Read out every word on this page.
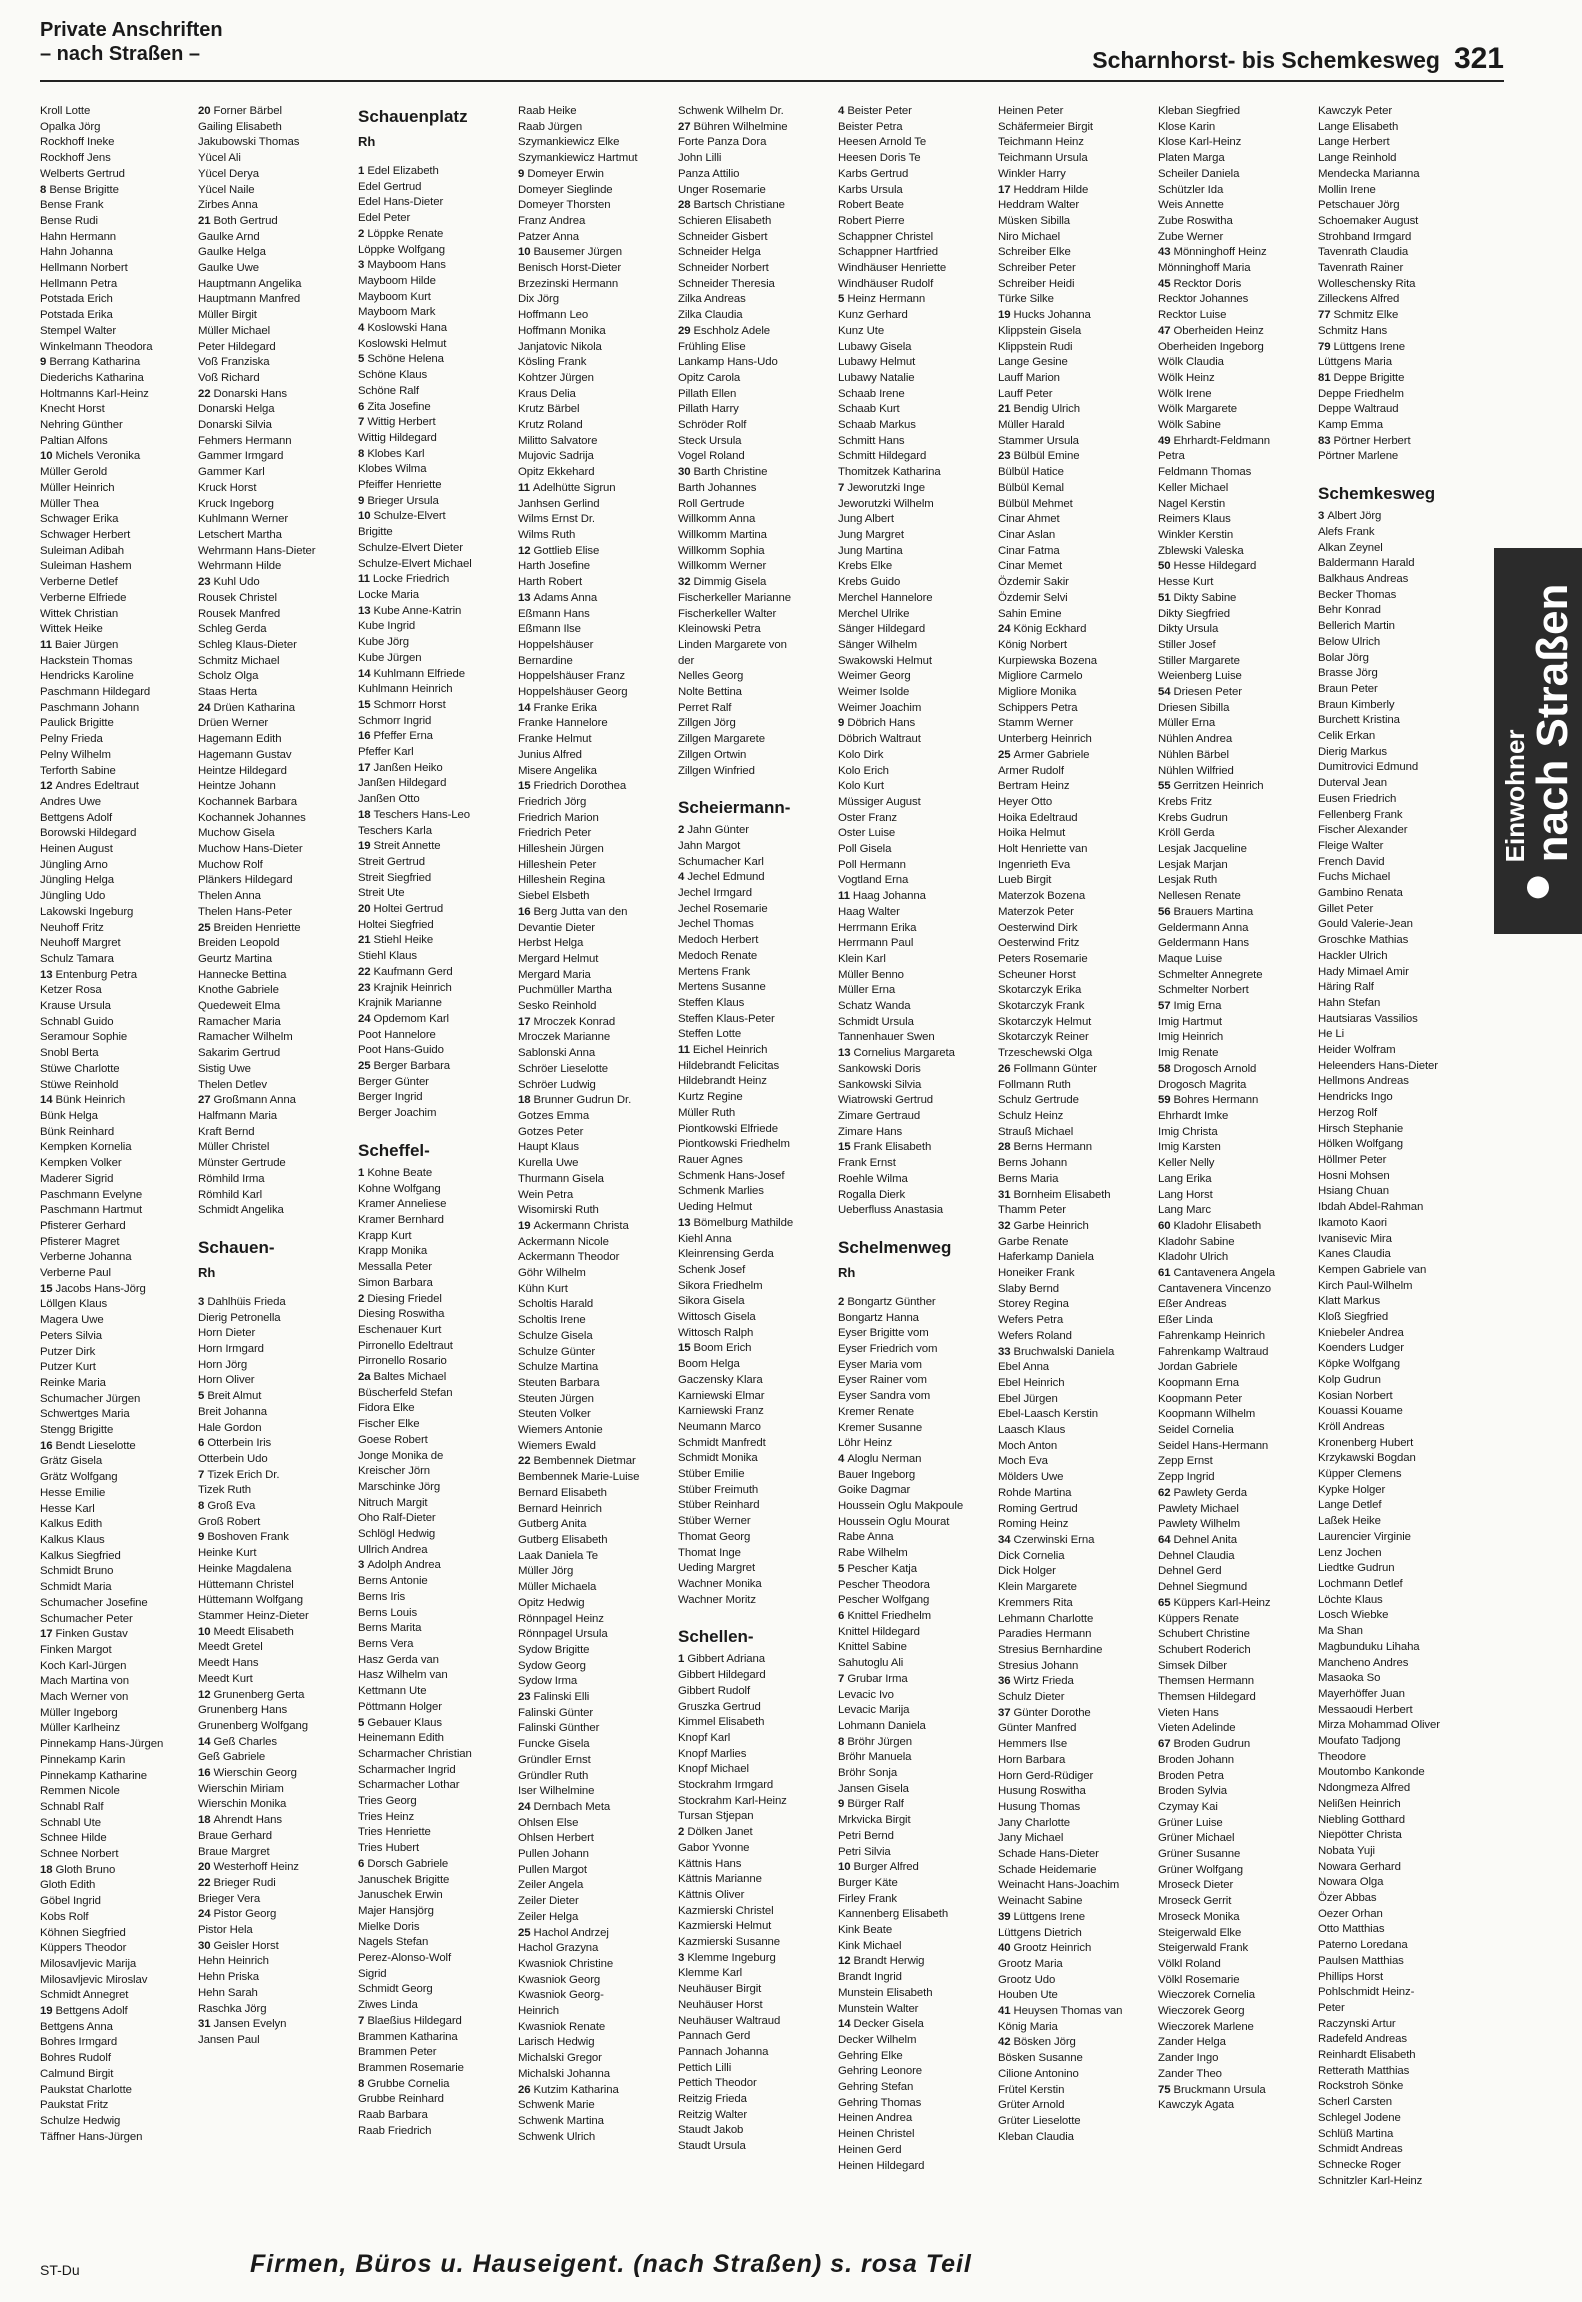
Private Anschriften
– nach Straßen –	Scharnhorst- bis Schemkesweg 321
Kroll Lotte
Opalka Jörg
Rockhoff Ineke
Rockhoff Jens
Welberts Gertrud
8 Bense Brigitte
Bense Frank
Bense Rudi
Hahn Hermann
Hahn Johanna
Hellmann Norbert
Hellmann Petra
Potstada Erich
Potstada Erika
Stempel Walter
Winkelmann Theodora
9 Berrang Katharina
Diederichs Katharina
Holtmanns Karl-Heinz
Knecht Horst
Nehring Günther
Paltian Alfons
10 Michels Veronika
Müller Gerold
Müller Heinrich
Müller Thea
Schwager Erika
Schwager Herbert
Suleiman Adibah
Suleiman Hashem
Verberne Detlef
Verberne Elfriede
Wittek Christian
Wittek Heike
11 Baier Jürgen
Hackstein Thomas
Hendricks Karoline
Paschmann Hildegard
Paschmann Johann
Paulick Brigitte
Pelny Frieda
Pelny Wilhelm
Terforth Sabine
12 Andres Edeltraut
Andres Uwe
Bettgens Adolf
Borowski Hildegard
Heinen August
Jüngling Arno
Jüngling Helga
Jüngling Udo
Lakowski Ingeburg
Neuhoff Fritz
Neuhoff Margret
Schulz Tamara
13 Entenburg Petra
Ketzer Rosa
Krause Ursula
Schnabl Guido
Seramour Sophie
Snobl Berta
Stüwe Charlotte
Stüwe Reinhold
14 Bünk Heinrich
Bünk Helga
Bünk Reinhard
Kempken Kornelia
Kempken Volker
Maderer Sigrid
Paschmann Evelyne
Paschmann Hartmut
Pfisterer Gerhard
Pfisterer Magret
Verberne Johanna
Verberne Paul
15 Jacobs Hans-Jörg
Löllgen Klaus
Magera Uwe
Peters Silvia
Putzer Dirk
Putzer Kurt
Reinke Maria
Schumacher Jürgen
Schwertges Maria
Stengg Brigitte
16 Bendt Lieselotte
Grätz Gisela
Grätz Wolfgang
Hesse Emilie
Hesse Karl
Kalkus Edith
Kalkus Klaus
Kalkus Siegfried
Schmidt Bruno
Schmidt Maria
Schumacher Josefine
Schumacher Peter
17 Finken Gustav
Finken Margot
Koch Karl-Jürgen
Mach Martina von
Mach Werner von
Müller Ingeborg
Müller Karlheinz
Pinnekamp Hans-Jürgen
Pinnekamp Karin
Pinnekamp Katharine
Remmen Nicole
Schnabl Ralf
Schnabl Ute
Schnee Hilde
Schnee Norbert
18 Gloth Bruno
Gloth Edith
Göbel Ingrid
Kobs Rolf
Köhnen Siegfried
Küppers Theodor
Milosavljevic Marija
Milosavljevic Miroslav
Schmidt Annegret
19 Bettgens Adolf
Bettgens Anna
Bohres Irmgard
Bohres Rudolf
Calmund Birgit
Paukstat Charlotte
Paukstat Fritz
Schulze Hedwig
Täffner Hans-Jürgen
20 Forner Bärbel
Gailing Elisabeth
Jakubowski Thomas
Yücel Ali
Yücel Derya
Yücel Naile
Zirbes Anna
21 Both Gertrud
Gaulke Arnd
Gaulke Helga
Gaulke Uwe
Hauptmann Angelika
Hauptmann Manfred
Müller Birgit
Müller Michael
Peter Hildegard
Voß Franziska
Voß Richard
22 Donarski Hans
Donarski Helga
Donarski Silvia
Fehmers Hermann
Gammer Irmgard
Gammer Karl
Kruck Horst
Kruck Ingeborg
Kuhlmann Werner
Letschert Martha
Wehrmann Hans-Dieter
Wehrmann Hilde
23 Kuhl Udo
Rousek Christel
Rousek Manfred
Schleg Gerda
Schleg Klaus-Dieter
Schmitz Michael
Scholz Olga
Staas Herta
24 Drüen Katharina
Drüen Werner
Hagemann Edith
Hagemann Gustav
Heintze Hildegard
Heintze Johann
Kochannek Barbara
Kochannek Johannes
Muchow Gisela
Muchow Hans-Dieter
Muchow Rolf
Plänkers Hildegard
Thelen Anna
Thelen Hans-Peter
25 Breiden Henriette
Breiden Leopold
Geurtz Martina
Hannecke Bettina
Knothe Gabriele
Quedeweit Elma
Ramacher Maria
Ramacher Wilhelm
Sakarim Gertrud
Sistig Uwe
Thelen Detlev
27 Großmann Anna
Halfmann Maria
Kraft Bernd
Müller Christel
Münster Gertrude
Römhild Irma
Römhild Karl
Schmidt Angelika
Schauen-
Rh
3 Dahlhüis Frieda
Dierig Petronella
Horn Dieter
Horn Irmgard
Horn Jörg
Horn Oliver
5 Breit Almut
Breit Johanna
Hale Gordon
6 Otterbein Iris
Otterbein Udo
7 Tizek Erich Dr.
Tizek Ruth
8 Groß Eva
Groß Robert
9 Boshoven Frank
Heinke Kurt
Heinke Magdalena
Hüttemann Christel
Hüttemann Wolfgang
Stammer Heinz-Dieter
10 Meedt Elisabeth
Meedt Gretel
Meedt Hans
Meedt Kurt
12 Grunenberg Gerta
Grunenberg Hans
Grunenberg Wolfgang
14 Geß Charles
Geß Gabriele
16 Wierschin Georg
Wierschin Miriam
Wierschin Monika
18 Ahrendt Hans
Braue Gerhard
Braue Margret
20 Westerhoff Heinz
22 Brieger Rudi
Brieger Vera
24 Pistor Georg
Pistor Hela
30 Geisler Horst
Hehn Heinrich
Hehn Priska
Hehn Sarah
Raschka Jörg
31 Jansen Evelyn
Jansen Paul
Schauenplatz
Rh
1 Edel Elizabeth
Edel Gertrud
Edel Hans-Dieter
Edel Peter
2 Löppke Renate
Löppke Wolfgang
3 Mayboom Hans
Mayboom Hilde
Mayboom Kurt
Mayboom Mark
4 Koslowski Hana
Koslowski Helmut
5 Schöne Helena
Schöne Klaus
Schöne Ralf
6 Zita Josefine
7 Wittig Herbert
Wittig Hildegard
8 Klobes Karl
Klobes Wilma
Pfeiffer Henriette
9 Brieger Ursula
10 Schulze-Elvert
Brigitte
Schulze-Elvert Dieter
Schulze-Elvert Michael
11 Locke Friedrich
Locke Maria
13 Kube Anne-Katrin
Kube Ingrid
Kube Jörg
Kube Jürgen
14 Kuhlmann Elfriede
Kuhlmann Heinrich
15 Schmorr Horst
Schmorr Ingrid
16 Pfeffer Erna
Pfeffer Karl
17 Janßen Heiko
Janßen Hildegard
Janßen Otto
18 Teschers Hans-Leo
Teschers Karla
19 Streit Annette
Streit Gertrud
Streit Siegfried
Streit Ute
20 Holtei Gertrud
Holtei Siegfried
21 Stiehl Heike
Stiehl Klaus
22 Kaufmann Gerd
23 Krajnik Heinrich
Krajnik Marianne
24 Opdemom Karl
Poot Hannelore
Poot Hans-Guido
25 Berger Barbara
Berger Günter
Berger Ingrid
Berger Joachim
Scheffel-
1 Kohne Beate
Kohne Wolfgang
Kramer Anneliese
Kramer Bernhard
Krapp Kurt
Krapp Monika
Messalla Peter
Simon Barbara
2 Diesing Friedel
Diesing Roswitha
Eschenauer Kurt
Pirronello Edeltraut
Pirronello Rosario
2a Baltes Michael
Büscherfeld Stefan
Fidora Elke
Fischer Elke
Goese Robert
Jonge Monika de
Kreischer Jörn
Marschinke Jörg
Nitruch Margit
Oho Ralf-Dieter
Schlögl Hedwig
Ullrich Andrea
3 Adolph Andrea
Berns Antonie
Berns Iris
Berns Louis
Berns Marita
Berns Vera
Hasz Gerda van
Hasz Wilhelm van
Kettmann Ute
Pöttmann Holger
5 Gebauer Klaus
Heinemann Edith
Scharmacher Christian
Scharmacher Ingrid
Scharmacher Lothar
Tries Georg
Tries Heinz
Tries Henriette
Tries Hubert
6 Dorsch Gabriele
Januschek Brigitte
Januschek Erwin
Majer Hansjörg
Mielke Doris
Nagels Stefan
Perez-Alonso-Wolf
Sigrid
Schmidt Georg
Ziwes Linda
7 Blaeßius Hildegard
Brammen Katharina
Brammen Peter
Brammen Rosemarie
8 Grubbe Cornelia
Grubbe Reinhard
Raab Barbara
Raab Friedrich
Raab Heike
Raab Jürgen
Szymankiewicz Elke
Szymankiewicz Hartmut
9 Domeyer Erwin
Domeyer Sieglinde
Domeyer Thorsten
Franz Andrea
Patzer Anna
10 Bausemer Jürgen
Benisch Horst-Dieter
Brzezinski Hermann
Dix Jörg
Hoffmann Leo
Hoffmann Monika
Janjatovic Nikola
Kösling Frank
Kohtzer Jürgen
Kraus Delia
Krutz Bärbel
Krutz Roland
Militto Salvatore
Mujovic Sadrija
Opitz Ekkehard
11 Adelhütte Sigrun
Janhsen Gerlind
Wilms Ernst Dr.
Wilms Ruth
12 Gottlieb Elise
Harth Josefine
Harth Robert
13 Adams Anna
Eßmann Hans
Eßmann Ilse
Hoppelshäuser
Bernardine
Hoppelshäuser Franz
Hoppelshäuser Georg
14 Franke Erika
Franke Hannelore
Franke Helmut
Junius Alfred
Misere Angelika
15 Friedrich Dorothea
Friedrich Jörg
Friedrich Marion
Friedrich Peter
Hilleshein Jürgen
Hilleshein Peter
Hilleshein Regina
Siebel Elsbeth
16 Berg Jutta van den
Devantie Dieter
Herbst Helga
Mergard Helmut
Mergard Maria
Puchmüller Martha
Sesko Reinhold
17 Mroczek Konrad
Mroczek Marianne
Sablonski Anna
Schröer Lieselotte
Schröer Ludwig
18 Brunner Gudrun Dr.
Gotzes Emma
Gotzes Peter
Haupt Klaus
Kurella Uwe
Thurmann Gisela
Wein Petra
Wisomirski Ruth
19 Ackermann Christa
Ackermann Nicole
Ackermann Theodor
Göhr Wilhelm
Kühn Kurt
Scholtis Harald
Scholtis Irene
Schulze Gisela
Schulze Günter
Schulze Martina
Steuten Barbara
Steuten Jürgen
Steuten Volker
Wiemers Antonie
Wiemers Ewald
22 Bembennek Dietmar
Bembennek Marie-Luise
Bernard Elisabeth
Bernard Heinrich
Gutberg Anita
Gutberg Elisabeth
Laak Daniela Te
Müller Jörg
Müller Michaela
Opitz Hedwig
Rönnpagel Heinz
Rönnpagel Ursula
Sydow Brigitte
Sydow Georg
Sydow Irma
23 Falinski Elli
Falinski Günter
Falinski Günther
Funcke Gisela
Gründler Ernst
Gründler Ruth
Iser Wilhelmine
24 Dernbach Meta
Ohlsen Else
Ohlsen Herbert
Pullen Johann
Pullen Margot
Zeiler Angela
Zeiler Dieter
Zeiler Helga
25 Hachol Andrzej
Hachol Grazyna
Kwasniok Christine
Kwasniok Georg
Kwasniok Georg-
Heinrich
Kwasniok Renate
Larisch Hedwig
Michalski Gregor
Michalski Johanna
26 Kutzim Katharina
Schwenk Marie
Schwenk Martina
Schwenk Ulrich
Schwenk Wilhelm Dr.
27 Bühren Wilhelmine
Forte Panza Dora
John Lilli
Panza Attilio
Unger Rosemarie
28 Bartsch Christiane
Schieren Elisabeth
Schneider Gisbert
Schneider Helga
Schneider Norbert
Schneider Theresia
Zilka Andreas
Zilka Claudia
29 Eschholz Adele
Frühling Elise
Lankamp Hans-Udo
Opitz Carola
Pillath Ellen
Pillath Harry
Schröder Rolf
Steck Ursula
Vogel Roland
30 Barth Christine
Barth Johannes
Roll Gertrude
Willkomm Anna
Willkomm Martina
Willkomm Sophia
Willkomm Werner
32 Dimmig Gisela
Fischerkeller Marianne
Fischerkeller Walter
Kleinowski Petra
Linden Margarete von
der
Nelles Georg
Nolte Bettina
Perret Ralf
Zillgen Jörg
Zillgen Margarete
Zillgen Ortwin
Zillgen Winfried
Scheiermann-
2 Jahn Günter
Jahn Margot
Schumacher Karl
4 Jechel Edmund
Jechel Irmgard
Jechel Rosemarie
Jechel Thomas
Medoch Herbert
Medoch Renate
Mertens Frank
Mertens Susanne
Steffen Klaus
Steffen Klaus-Peter
Steffen Lotte
11 Eichel Heinrich
Hildebrandt Felicitas
Hildebrandt Heinz
Kurtz Regine
Müller Ruth
Piontkowski Elfriede
Piontkowski Friedhelm
Rauer Agnes
Schmenk Hans-Josef
Schmenk Marlies
Ueding Helmut
13 Bömelburg Mathilde
Kiehl Anna
Kleinrensing Gerda
Schenk Josef
Sikora Friedhelm
Sikora Gisela
Wittosch Gisela
Wittosch Ralph
15 Boom Erich
Boom Helga
Gaczensky Klara
Karniewski Elmar
Karniewski Franz
Neumann Marco
Schmidt Manfredt
Schmidt Monika
Stüber Emilie
Stüber Freimuth
Stüber Reinhard
Stüber Werner
Thomat Georg
Thomat Inge
Ueding Margret
Wachner Monika
Wachner Moritz
Schellen-
1 Gibbert Adriana
Gibbert Hildegard
Gibbert Rudolf
Gruszka Gertrud
Kimmel Elisabeth
Knopf Karl
Knopf Marlies
Knopf Michael
Stockrahm Irmgard
Stockrahm Karl-Heinz
Tursan Stjepan
2 Dölken Janet
Gabor Yvonne
Kättnis Hans
Kättnis Marianne
Kättnis Oliver
Kazmierski Christel
Kazmierski Helmut
Kazmierski Susanne
3 Klemme Ingeburg
Klemme Karl
Neuhäuser Birgit
Neuhäuser Horst
Neuhäuser Waltraud
Pannach Gerd
Pannach Johanna
Pettich Lilli
Pettich Theodor
Reitzig Frieda
Reitzig Walter
Staudt Jakob
Staudt Ursula
4 Beister Peter
Beister Petra
Heesen Arnold Te
Heesen Doris Te
Karbs Gertrud
Karbs Ursula
Robert Beate
Robert Pierre
Schappner Christel
Schappner Hartfried
Windhäuser Henriette
Windhäuser Rudolf
5 Heinz Hermann
Kunz Gerhard
Kunz Ute
Lubawy Gisela
Lubawy Helmut
Lubawy Natalie
Schaab Irene
Schaab Kurt
Schaab Markus
Schmitt Hans
Schmitt Hildegard
Thomitzek Katharina
7 Jeworutzki Inge
Jeworutzki Wilhelm
Jung Albert
Jung Margret
Jung Martina
Krebs Elke
Krebs Guido
Merchel Hannelore
Merchel Ulrike
Sänger Hildegard
Sänger Wilhelm
Swakowski Helmut
Weimer Georg
Weimer Isolde
Weimer Joachim
9 Döbrich Hans
Döbrich Waltraut
Kolo Dirk
Kolo Erich
Kolo Kurt
Müssiger August
Oster Franz
Oster Luise
Poll Gisela
Poll Hermann
Vogtland Erna
11 Haag Johanna
Haag Walter
Herrmann Erika
Herrmann Paul
Klein Karl
Müller Benno
Müller Erna
Schatz Wanda
Schmidt Ursula
Tannenhauer Swen
13 Cornelius Margareta
Sankowski Doris
Sankowski Silvia
Wiatrowski Gertrud
Zimare Gertraud
Zimare Hans
15 Frank Elisabeth
Frank Ernst
Roehle Wilma
Rogalla Dierk
Ueberfluss Anastasia
Schelmenweg
Rh
2 Bongartz Günther
Bongartz Hanna
Eyser Brigitte vom
Eyser Friedrich vom
Eyser Maria vom
Eyser Rainer vom
Eyser Sandra vom
Kremer Renate
Kremer Susanne
Löhr Heinz
4 Aloglu Nerman
Bauer Ingeborg
Goike Dagmar
Houssein Oglu Makpoule
Houssein Oglu Mourat
Rabe Anna
Rabe Wilhelm
5 Pescher Katja
Pescher Theodora
Pescher Wolfgang
6 Knittel Friedhelm
Knittel Hildegard
Knittel Sabine
Sahutoglu Ali
7 Grubar Irma
Levacic Ivo
Levacic Marija
Lohmann Daniela
8 Bröhr Jürgen
Bröhr Manuela
Bröhr Sonja
Jansen Gisela
9 Bürger Ralf
Mrkvicka Birgit
Petri Bernd
Petri Silvia
10 Burger Alfred
Burger Käte
Firley Frank
Kannenberg Elisabeth
Kink Beate
Kink Michael
12 Brandt Herwig
Brandt Ingrid
Munstein Elisabeth
Munstein Walter
14 Decker Gisela
Decker Wilhelm
Gehring Elke
Gehring Leonore
Gehring Stefan
Gehring Thomas
Heinen Andrea
Heinen Christel
Heinen Gerd
Heinen Hildegard
Heinen Peter
Schäfermeier Birgit
Teichmann Heinz
Teichmann Ursula
Winkler Harry
17 Heddram Hilde
Heddram Walter
Müsken Sibilla
Niro Michael
Schreiber Elke
Schreiber Peter
Schreiber Heidi
Türke Silke
19 Hucks Johanna
Klippstein Gisela
Klippstein Rudi
Lange Gesine
Lauff Marion
Lauff Peter
21 Bendig Ulrich
Müller Harald
Stammer Ursula
23 Bülbül Emine
Bülbül Hatice
Bülbül Kemal
Bülbül Mehmet
Cinar Ahmet
Cinar Aslan
Cinar Fatma
Cinar Memet
Özdemir Sakir
Özdemir Selvi
Sahin Emine
24 König Eckhard
König Norbert
Kurpiewska Bozena
Migliore Carmelo
Migliore Monika
Schippers Petra
Stamm Werner
Unterberg Heinrich
25 Armer Gabriele
Armer Rudolf
Bertram Heinz
Heyer Otto
Hoika Edeltraud
Hoika Helmut
Holt Henriette van
Ingenrieth Eva
Lueb Birgit
Materzok Bozena
Materzok Peter
Oesterwind Dirk
Oesterwind Fritz
Peters Rosemarie
Scheuner Horst
Skotarczyk Erika
Skotarczyk Frank
Skotarczyk Helmut
Skotarczyk Reiner
Trzeschewski Olga
26 Follmann Günter
Follmann Ruth
Schulz Gertrude
Schulz Heinz
Strauß Michael
28 Berns Hermann
Berns Johann
Berns Maria
31 Bornheim Elisabeth
Thamm Peter
32 Garbe Heinrich
Garbe Renate
Haferkamp Daniela
Honeiker Frank
Slaby Bernd
Storey Regina
Wefers Petra
Wefers Roland
33 Bruchwalski Daniela
Ebel Anna
Ebel Heinrich
Ebel Jürgen
Ebel-Laasch Kerstin
Laasch Klaus
Moch Anton
Moch Eva
Mölders Uwe
Rohde Martina
Roming Gertrud
Roming Heinz
34 Czerwinski Erna
Dick Cornelia
Dick Holger
Klein Margarete
Kremmers Rita
Lehmann Charlotte
Paradies Hermann
Stresius Bernhardine
Stresius Johann
36 Wirtz Frieda
Schulz Dieter
37 Günter Dorothe
Günter Manfred
Hemmers Ilse
Horn Barbara
Horn Gerd-Rüdiger
Husung Roswitha
Husung Thomas
Jany Charlotte
Jany Michael
Schade Hans-Dieter
Schade Heidemarie
Weinacht Hans-Joachim
Weinacht Sabine
39 Lüttgens Irene
Lüttgens Dietrich
40 Grootz Heinrich
Grootz Maria
Grootz Udo
Houben Ute
41 Heuysen Thomas van
König Maria
42 Bösken Jörg
Bösken Susanne
Cilione Antonino
Frütel Kerstin
Grüter Arnold
Grüter Lieselotte
Kleban Claudia
Kleban Siegfried
Klose Karin
Klose Karl-Heinz
Platen Marga
Scheiler Daniela
Schützler Ida
Weis Annette
Zube Roswitha
Zube Werner
43 Mönninghoff Heinz
Mönninghoff Maria
45 Recktor Doris
Recktor Johannes
Recktor Luise
47 Oberheiden Heinz
Oberheiden Ingeborg
Wölk Claudia
Wölk Heinz
Wölk Irene
Wölk Margarete
Wölk Sabine
49 Ehrhardt-Feldmann
Petra
Feldmann Thomas
Keller Michael
Nagel Kerstin
Reimers Klaus
Winkler Kerstin
Zblewski Valeska
50 Hesse Hildegard
Hesse Kurt
51 Dikty Sabine
Dikty Siegfried
Dikty Ursula
Stiller Josef
Stiller Margarete
Weienberg Luise
54 Driesen Peter
Driesen Sibilla
Müller Erna
Nühlen Andrea
Nühlen Bärbel
Nühlen Wilfried
55 Gerritzen Heinrich
Krebs Fritz
Krebs Gudrun
Kröll Gerda
Lesjak Jacqueline
Lesjak Marjan
Lesjak Ruth
Nellesen Renate
56 Brauers Martina
Geldermann Anna
Geldermann Hans
Maque Luise
Schmelter Annegrete
Schmelter Norbert
57 Imig Erna
Imig Hartmut
Imig Heinrich
Imig Renate
58 Drogosch Arnold
Drogosch Magrita
59 Bohres Hermann
Ehrhardt Imke
Imig Christa
Imig Karsten
Keller Nelly
Lang Erika
Lang Horst
Lang Marc
60 Kladohr Elisabeth
Kladohr Sabine
Kladohr Ulrich
61 Cantavenera Angela
Cantavenera Vincenzo
Eßer Andreas
Eßer Linda
Fahrenkamp Heinrich
Fahrenkamp Waltraud
Jordan Gabriele
Koopmann Erna
Koopmann Peter
Koopmann Wilhelm
Seidel Cornelia
Seidel Hans-Hermann
Zepp Ernst
Zepp Ingrid
62 Pawlety Gerda
Pawlety Michael
Pawlety Wilhelm
64 Dehnel Anita
Dehnel Claudia
Dehnel Gerd
Dehnel Siegmund
65 Küppers Karl-Heinz
Küppers Renate
Schubert Christine
Schubert Roderich
Simsek Dilber
Themsen Hermann
Themsen Hildegard
Vieten Hans
Vieten Adelinde
67 Broden Gudrun
Broden Johann
Broden Petra
Broden Sylvia
Czymay Kai
Grüner Luise
Grüner Michael
Grüner Susanne
Grüner Wolfgang
Mroseck Dieter
Mroseck Gerrit
Mroseck Monika
Steigerwald Elke
Steigerwald Frank
Völkl Roland
Völkl Rosemarie
Wieczorek Cornelia
Wieczorek Georg
Wieczorek Marlene
Zander Helga
Zander Ingo
Zander Theo
75 Bruckmann Ursula
Kawczyk Agata
Kawczyk Peter
Lange Elisabeth
Lange Herbert
Lange Reinhold
Mendecka Marianna
Mollin Irene
Petschauer Jörg
Schoemaker August
Strohband Irmgard
Tavenrath Claudia
Tavenrath Rainer
Wolleschensky Rita
Zilleckens Alfred
77 Schmitz Elke
Schmitz Hans
79 Lüttgens Irene
Lüttgens Maria
81 Deppe Brigitte
Deppe Friedhelm
Deppe Waltraud
Kamp Emma
83 Pörtner Herbert
Pörtner Marlene
Schemkesweg
3 Albert Jörg
Alefs Frank
Alkan Zeynel
Baldermann Harald
Balkhaus Andreas
Becker Thomas
Behr Konrad
Bellerich Martin
Below Ulrich
Bolar Jörg
Brasse Jörg
Braun Peter
Braun Kimberly
Burchett Kristina
Celik Erkan
Dierig Markus
Dumitrovici Edmund
Duterval Jean
Eusen Friedrich
Fellenberg Frank
Fischer Alexander
Fleige Walter
French David
Fuchs Michael
Gambino Renata
Gillet Peter
Gould Valerie-Jean
Groschke Mathias
Hackler Ulrich
Hady Mimael Amir
Häring Ralf
Hahn Stefan
Hautsiaras Vassilios
He Li
Heider Wolfram
Heleenders Hans-Dieter
Hellmons Andreas
Hendricks Ingo
Herzog Rolf
Hirsch Stephanie
Hölken Wolfgang
Höllmer Peter
Hosni Mohsen
Hsiang Chuan
Ibdah Abdel-Rahman
Ikamoto Kaori
Ivanisevic Mira
Kanes Claudia
Kempen Gabriele van
Kirch Paul-Wilhelm
Klatt Markus
Kloß Siegfried
Kniebeler Andrea
Koenders Ludger
Köpke Wolfgang
Kolp Gudrun
Kosian Norbert
Kouassi Kouame
Kröll Andreas
Kronenberg Hubert
Krzykawski Bogdan
Küpper Clemens
Kypke Holger
Lange Detlef
Laßek Heike
Laurencier Virginie
Lenz Jochen
Liedtke Gudrun
Lochmann Detlef
Löchte Klaus
Losch Wiebke
Ma Shan
Magbunduku Lihaha
Mancheno Andres
Masaoka So
Mayerhöffer Juan
Messaoudi Herbert
Mirza Mohammad Oliver
Moufato Tadjong
Theodore
Moutombo Kankonde
Ndongmeza Alfred
Nelißen Heinrich
Niebling Gotthard
Niepötter Christa
Nobata Yuji
Nowara Gerhard
Nowara Olga
Özer Abbas
Oezer Orhan
Otto Matthias
Paterno Loredana
Paulsen Matthias
Phillips Horst
Pohlschmidt Heinz-
Peter
Raczynski Artur
Radefeld Andreas
Reinhardt Elisabeth
Retterath Matthias
Rockstroh Sönke
Scherl Carsten
Schlegel Jodene
Schlüß Martina
Schmidt Andreas
Schnecke Roger
Schnitzler Karl-Heinz
Einwohner
nach Straßen
ST-Du	Firmen, Büros u. Hauseigent. (nach Straßen) s. rosa Teil
